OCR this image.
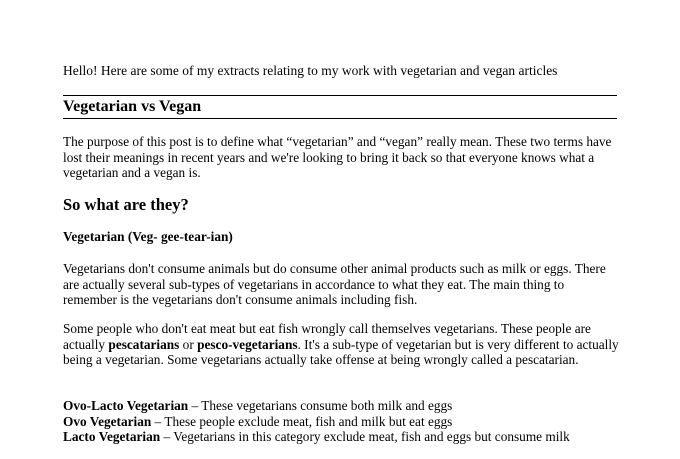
Hello! Here are some of my extracts relating to my work with vegetarian and vegan articles
Vegetarian vs Vegan

The purpose of this post is to define what “vegetarian” and “vegan” really mean. These two terms have lost their meanings in recent years and we're looking to bring it back so that everyone knows what a vegetarian and a vegan is.

So what are they?
Vegetarian (Veg- gee-tear-ian)

Vegetarians don't consume animals but do consume other animal products such as milk or eggs. There are actually several sub-types of vegetarians in accordance to what they eat. The main thing to remember is the vegetarians don't consume animals including fish.

Some people who don't eat meat but eat fish wrongly call themselves vegetarians. These people are actually pescatarians or pesco-vegetarians. It's a sub-type of vegetarian but is very different to actually being a vegetarian. Some vegetarians actually take offense at being wrongly called a pescatarian.

Ovo-Lacto Vegetarian – These vegetarians consume both milk and eggs
Ovo Vegetarian – These people exclude meat, fish and milk but eat eggs
Lacto Vegetarian – Vegetarians in this category exclude meat, fish and eggs but consume milk
